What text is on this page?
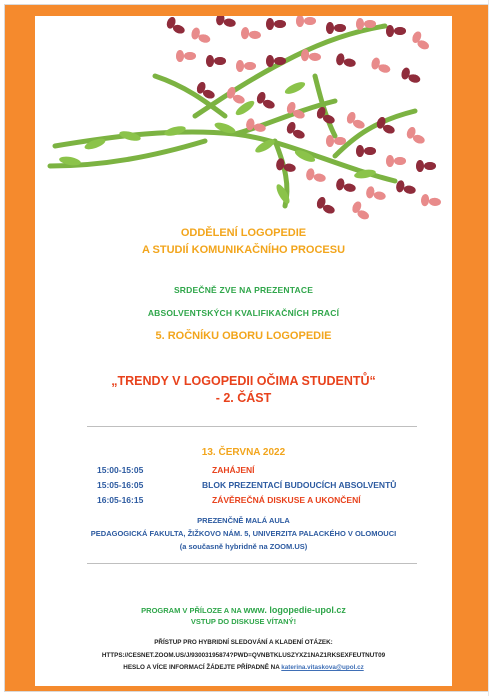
ODDĚLENÍ LOGOPEDIE
A STUDIÍ KOMUNIKAČNÍHO PROCESU
SRDEČNĚ ZVE NA PREZENTACE
ABSOLVENTSKÝCH KVALIFIKAČNÍCH PRACÍ
5. ROČNÍKU OBORU LOGOPEDIE
„TRENDY V LOGOPEDII OČIMA STUDENTŮ“
- 2. ČÁST
13. ČERVNA 2022
15:00-15:05	ZAHÁJENÍ
15:05-16:05	BLOK PREZENTACÍ BUDOUCÍCH ABSOLVENTŮ
16:05-16:15	ZÁVĚREČNÁ DISKUSE A UKONČENÍ
PREZENČNĚ MALÁ AULA
PEDAGOGICKÁ FAKULTA, ŽIŽKOVO NÁM. 5, UNIVERZITA PALACKÉHO V OLOMOUCI
(a současně hybridně na ZOOM.US)
PROGRAM V PŘÍLOZE A NA www. logopedie-upol.cz
VSTUP DO DISKUSE VÍTANÝ!
PŘÍSTUP PRO HYBRIDNÍ SLEDOVÁNÍ A KLADENÍ OTÁZEK:
HTTPS://CESNET.ZOOM.US/J/93003195874?PWD=QVNBTKLUSZYXZ1NAZ1RKSEXFEUTNUT09
HESLO A VÍCE INFORMACÍ ŽÁDEJTE PŘÍPADNĚ NA katerina.vitaskova@upol.cz
